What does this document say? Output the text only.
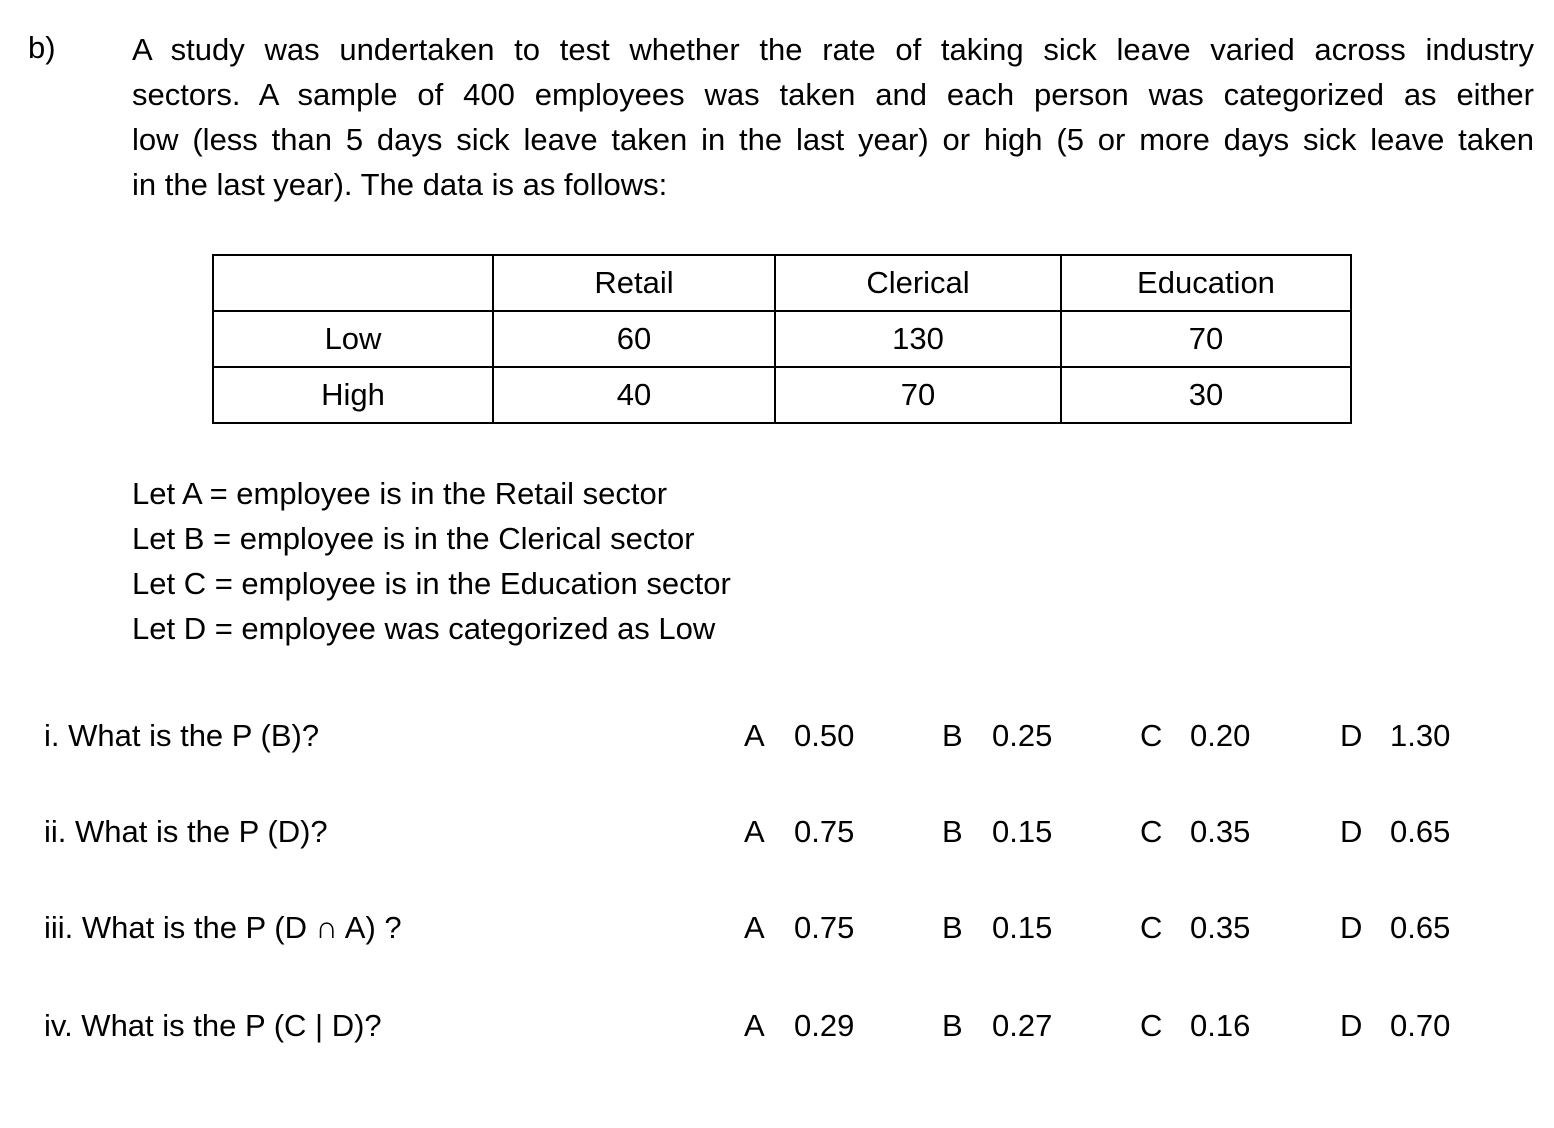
b) A study was undertaken to test whether the rate of taking sick leave varied across industry
sectors. A sample of 400 employees was taken and each person was categorized as either
low (less than 5 days sick leave taken in the last year) or high (5 or more days sick leave taken
in the last year). The data is as follows:
	Retail	Clerical	Education
Low	60	130	70
High	40	70	30
Let A = employee is in the Retail sector
Let B = employee is in the Clerical sector
Let C = employee is in the Education sector
Let D = employee was categorized as Low
i. What is the P (B)?	A 0.50	B 0.25	C 0.20	D 1.30
ii. What is the P (D)?	A 0.75	B 0.15	C 0.35	D 0.65
iii. What is the P (D ∩ A) ?	A 0.75	B 0.15	C 0.35	D 0.65
iv. What is the P (C | D)?	A 0.29	B 0.27	C 0.16	D 0.70
